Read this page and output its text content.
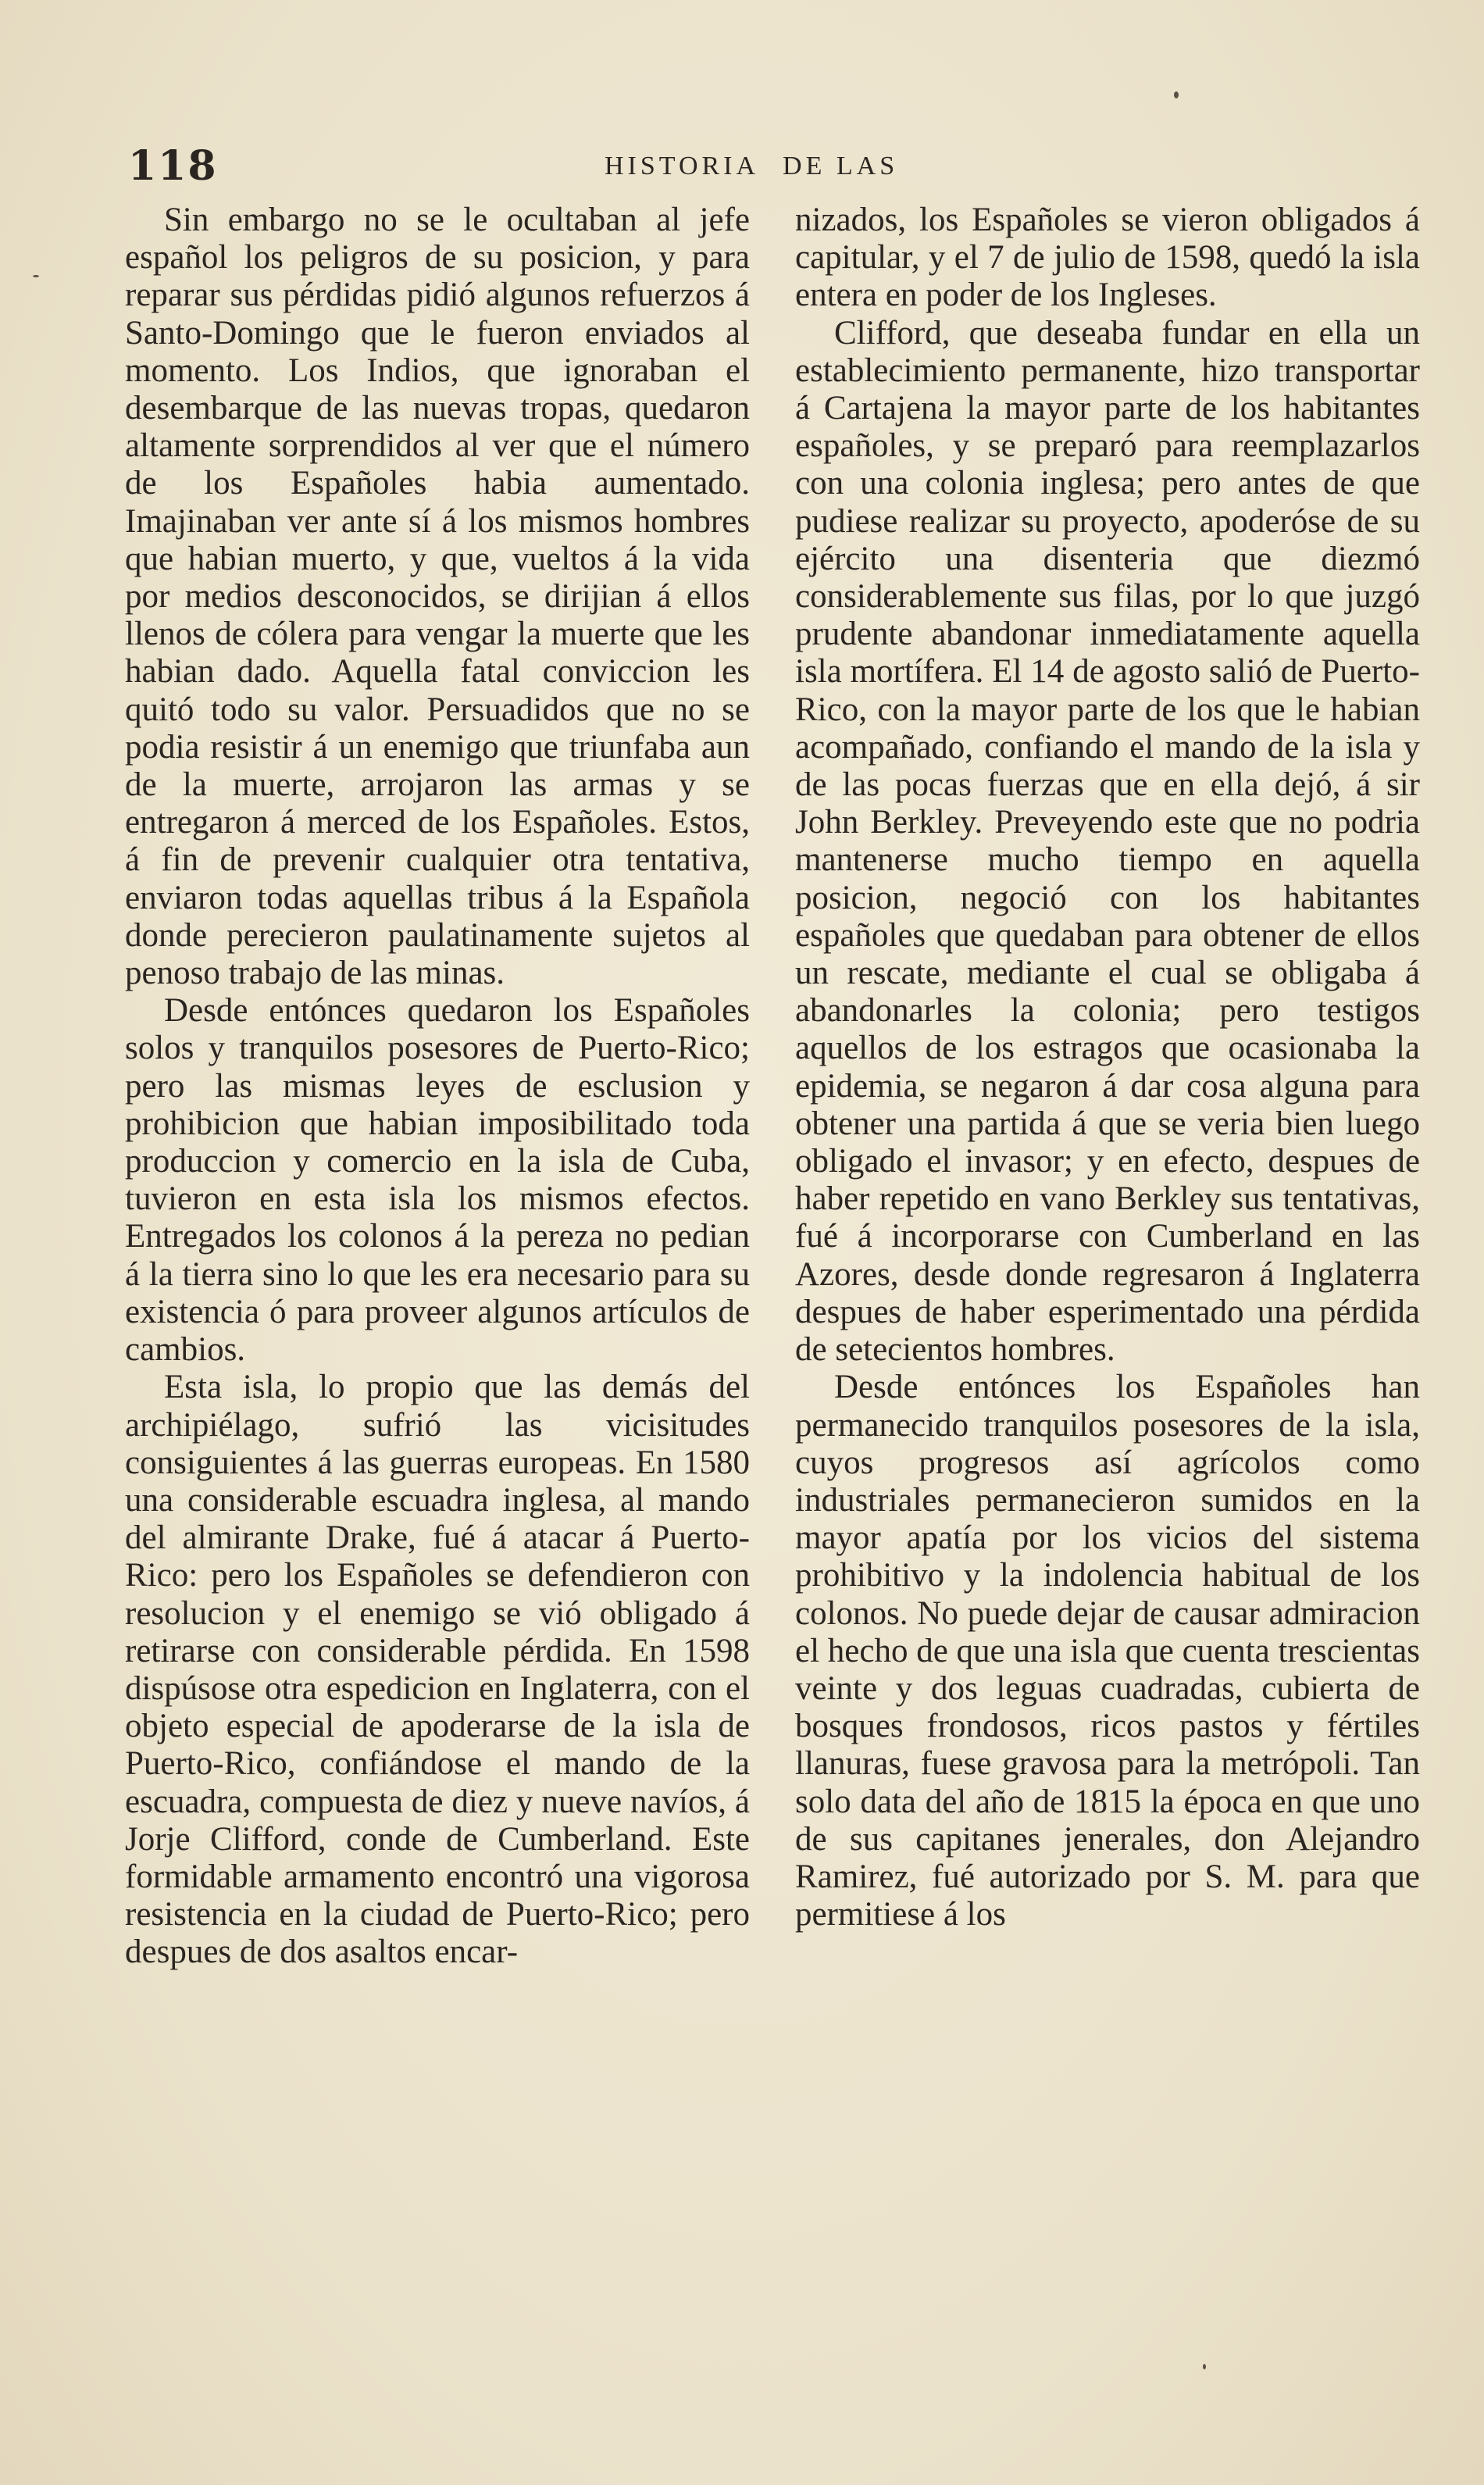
118	HISTORIA DE LAS

Sin embargo no se le ocultaban al jefe español los peligros de su posicion, y para reparar sus pérdidas pidió algunos refuerzos á Santo-Domingo que le fueron enviados al momento. Los Indios, que ignoraban el desembarque de las nuevas tropas, quedaron altamente sorprendidos al ver que el número de los Españoles habia aumentado. Imajinaban ver ante sí á los mismos hombres que habian muerto, y que, vueltos á la vida por medios desconocidos, se dirijian á ellos llenos de cólera para vengar la muerte que les habian dado. Aquella fatal conviccion les quitó todo su valor. Persuadidos que no se podia resistir á un enemigo que triunfaba aun de la muerte, arrojaron las armas y se entregaron á merced de los Españoles. Estos, á fin de prevenir cualquier otra tentativa, enviaron todas aquellas tribus á la Española donde perecieron paulatinamente sujetos al penoso trabajo de las minas.

Desde entónces quedaron los Españoles solos y tranquilos posesores de Puerto-Rico; pero las mismas leyes de esclusion y prohibicion que habian imposibilitado toda produccion y comercio en la isla de Cuba, tuvieron en esta isla los mismos efectos. Entregados los colonos á la pereza no pedian á la tierra sino lo que les era necesario para su existencia ó para proveer algunos artículos de cambios.

Esta isla, lo propio que las demás del archipiélago, sufrió las vicisitudes consiguientes á las guerras europeas. En 1580 una considerable escuadra inglesa, al mando del almirante Drake, fué á atacar á Puerto-Rico: pero los Españoles se defendieron con resolucion y el enemigo se vió obligado á retirarse con considerable pérdida. En 1598 dispúsose otra espedicion en Inglaterra, con el objeto especial de apoderarse de la isla de Puerto-Rico, confiándose el mando de la escuadra, compuesta de diez y nueve navíos, á Jorje Clifford, conde de Cumberland. Este formidable armamento encontró una vigorosa resistencia en la ciudad de Puerto-Rico; pero despues de dos asaltos encar-

nizados, los Españoles se vieron obligados á capitular, y el 7 de julio de 1598, quedó la isla entera en poder de los Ingleses.

Clifford, que deseaba fundar en ella un establecimiento permanente, hizo transportar á Cartajena la mayor parte de los habitantes españoles, y se preparó para reemplazarlos con una colonia inglesa; pero antes de que pudiese realizar su proyecto, apoderóse de su ejército una disenteria que diezmó considerablemente sus filas, por lo que juzgó prudente abandonar inmediatamente aquella isla mortífera. El 14 de agosto salió de Puerto-Rico, con la mayor parte de los que le habian acompañado, confiando el mando de la isla y de las pocas fuerzas que en ella dejó, á sir John Berkley. Preveyendo este que no podria mantenerse mucho tiempo en aquella posicion, negoció con los habitantes españoles que quedaban para obtener de ellos un rescate, mediante el cual se obligaba á abandonarles la colonia; pero testigos aquellos de los estragos que ocasionaba la epidemia, se negaron á dar cosa alguna para obtener una partida á que se veria bien luego obligado el invasor; y en efecto, despues de haber repetido en vano Berkley sus tentativas, fué á incorporarse con Cumberland en las Azores, desde donde regresaron á Inglaterra despues de haber esperimentado una pérdida de setecientos hombres.

Desde entónces los Españoles han permanecido tranquilos posesores de la isla, cuyos progresos así agrícolos como industriales permanecieron sumidos en la mayor apatía por los vicios del sistema prohibitivo y la indolencia habitual de los colonos. No puede dejar de causar admiracion el hecho de que una isla que cuenta trescientas veinte y dos leguas cuadradas, cubierta de bosques frondosos, ricos pastos y fértiles llanuras, fuese gravosa para la metrópoli. Tan solo data del año de 1815 la época en que uno de sus capitanes jenerales, don Alejandro Ramirez, fué autorizado por S. M. para que permitiese á los
